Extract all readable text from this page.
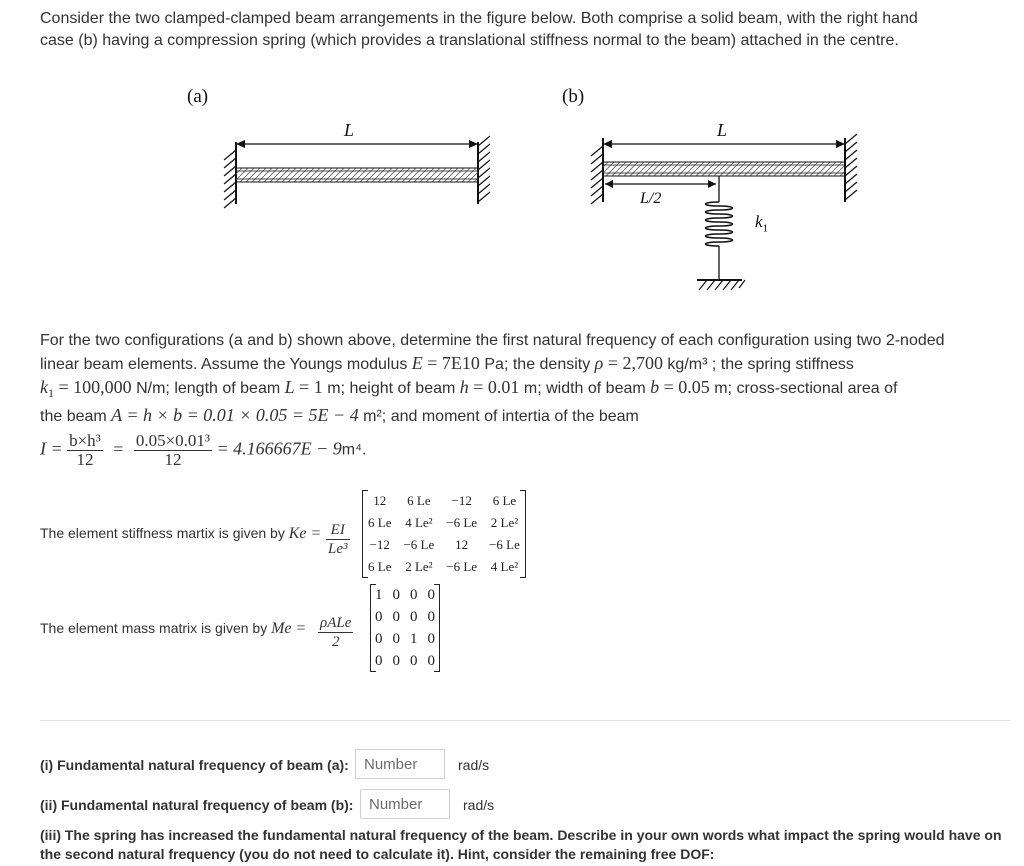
Consider the two clamped-clamped beam arrangements in the figure below. Both comprise a solid beam, with the right hand
case (b) having a compression spring (which provides a translational stiffness normal to the beam) attached in the centre.

(a)	(b)
L	L
L/2
$k_1$
For the two configurations (a and b) shown above, determine the first natural frequency of each configuration using two 2-noded
linear beam elements. Assume the Youngs modulus E = 7E10 Pa; the density ρ = 2,700 kg/m³ ; the spring stiffness
$k_1 = 100,000$ N/m; length of beam L = 1 m; height of beam h = 0.01 m; width of beam b = 0.05 m; cross-sectional area of
the beam A = h × b = 0.01 × 0.05 = 5E − 4 m²; and moment of intertia of the beam
$I = \frac{\text{b×h³}}{12} = \frac{\text{0.05×0.01³}}{12} = 4.166667E - 9m^4$.
The element stiffness martix is given by $Ke = \frac{EI}{\text{Le³}}$
12	6 Le	−12	6 Le
6 Le	4 Le²	−6 Le	2 Le²
−12	−6 Le	12	−6 Le
6 Le	2 Le²	−6 Le	4 Le²
The element mass matrix is given by Me = ρALe
2
1	0	0	0
0	0	0	0
0	0	1	0
0	0	0	0
(i) Fundamental natural frequency of beam (a):
Number	rad/s
(ii) Fundamental natural frequency of beam (b):
Number	rad/s
(iii) The spring has increased the fundamental natural frequency of the beam. Describe in your own words what impact the spring would have on
the second natural frequency (you do not need to calculate it). Hint, consider the remaining free DOF:
